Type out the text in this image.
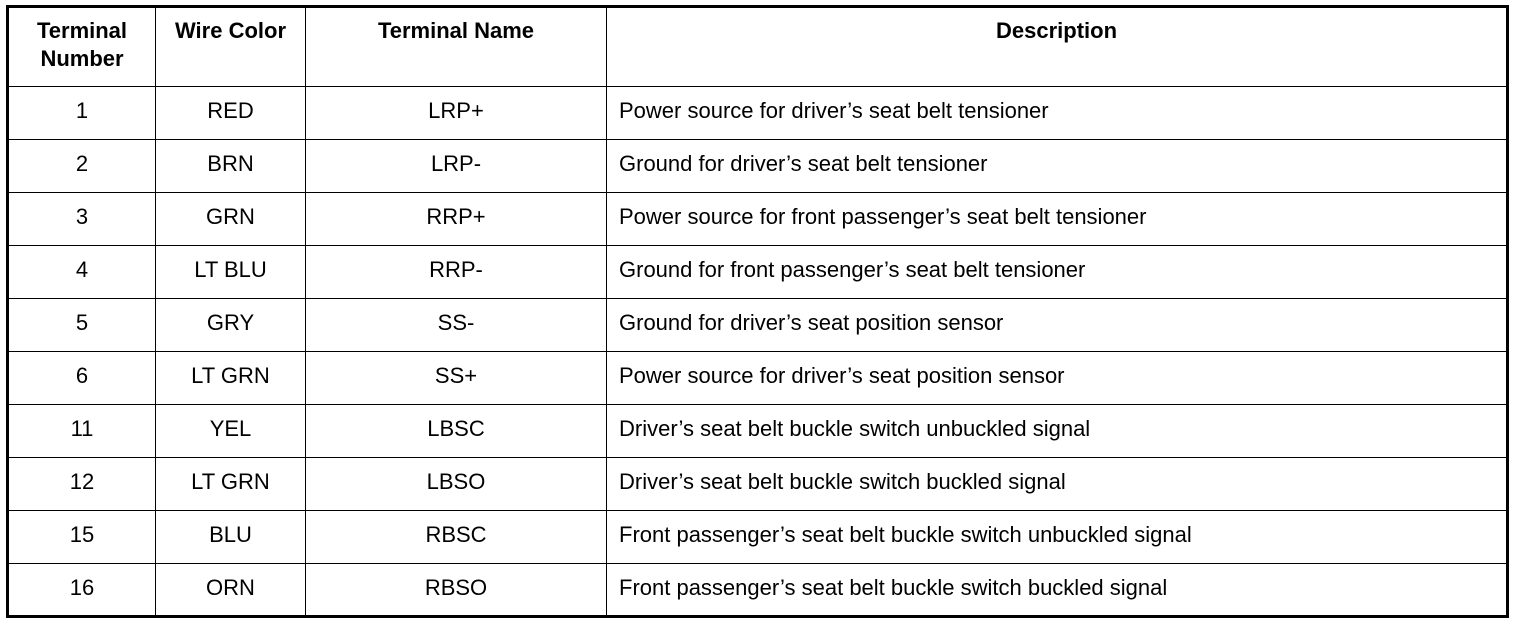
Terminal
Number	Wire Color	Terminal Name	Description
1	RED	LRP+	Power source for driver’s seat belt tensioner
2	BRN	LRP-	Ground for driver’s seat belt tensioner
3	GRN	RRP+	Power source for front passenger’s seat belt tensioner
4	LT BLU	RRP-	Ground for front passenger’s seat belt tensioner
5	GRY	SS-	Ground for driver’s seat position sensor
6	LT GRN	SS+	Power source for driver’s seat position sensor
11	YEL	LBSC	Driver’s seat belt buckle switch unbuckled signal
12	LT GRN	LBSO	Driver’s seat belt buckle switch buckled signal
15	BLU	RBSC	Front passenger’s seat belt buckle switch unbuckled signal
16	ORN	RBSO	Front passenger’s seat belt buckle switch buckled signal
